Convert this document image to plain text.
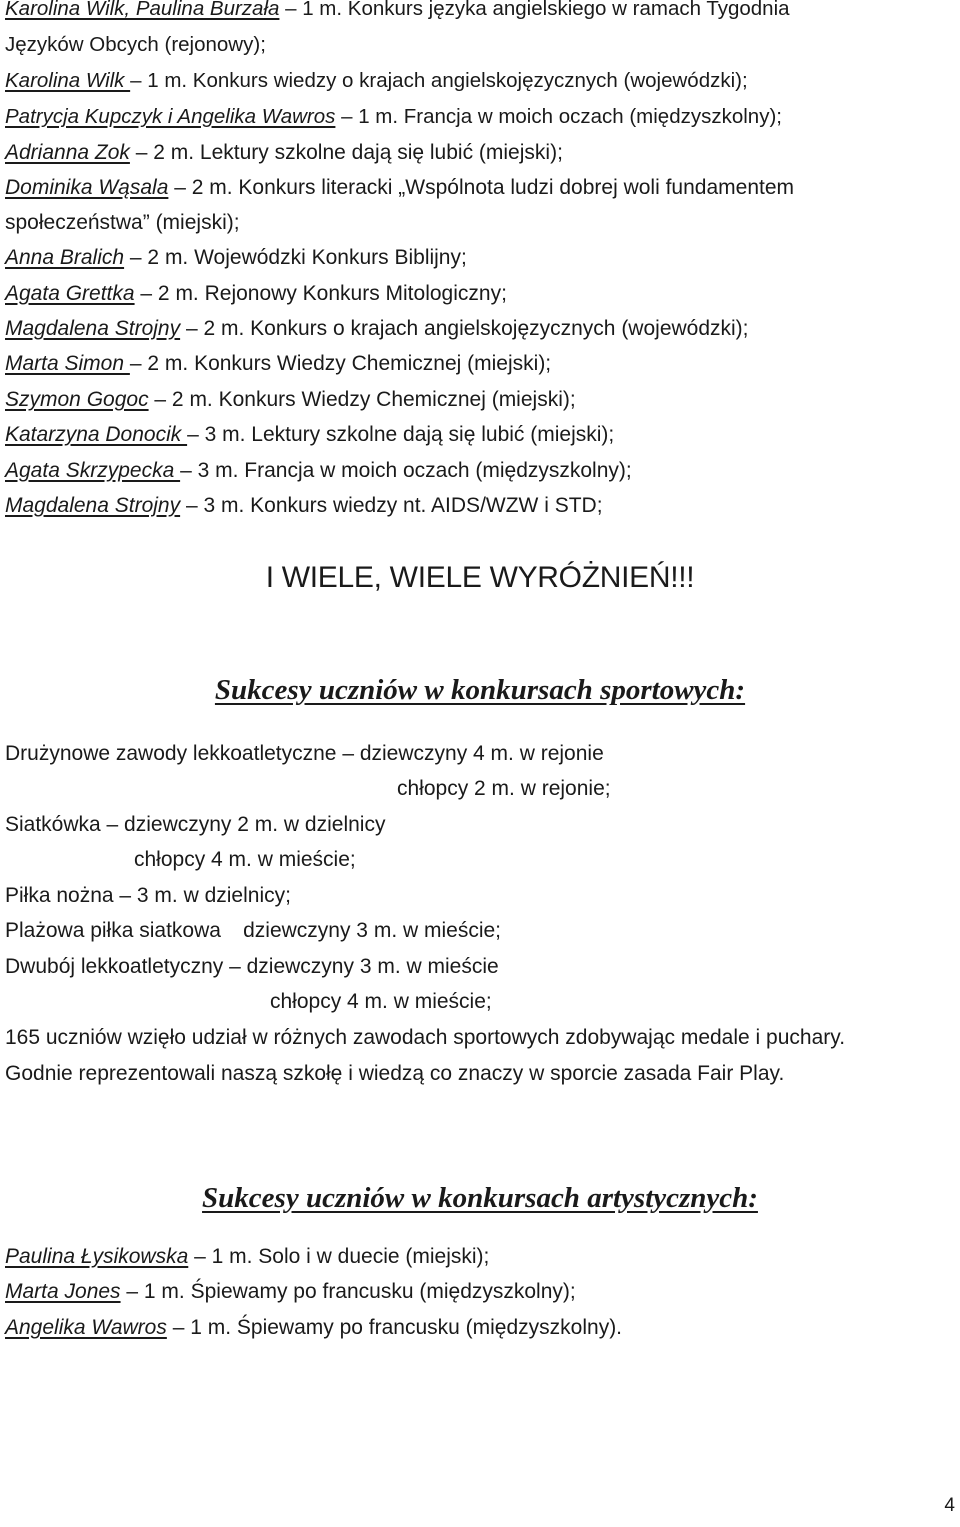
Karolina Wilk, Paulina Burzała – 1 m. Konkurs języka angielskiego w ramach Tygodnia
Języków Obcych (rejonowy);
Karolina Wilk – 1 m. Konkurs wiedzy o krajach angielskojęzycznych (wojewódzki);
Patrycja Kupczyk i Angelika Wawros – 1 m. Francja w moich oczach (międzyszkolny);
Adrianna Zok – 2 m. Lektury szkolne dają się lubić (miejski);
Dominika Wąsala – 2 m. Konkurs literacki „Wspólnota ludzi dobrej woli fundamentem
społeczeństwa” (miejski);
Anna Bralich – 2 m. Wojewódzki Konkurs Biblijny;
Agata Grettka – 2 m. Rejonowy Konkurs Mitologiczny;
Magdalena Strojny – 2 m. Konkurs o krajach angielskojęzycznych (wojewódzki);
Marta Simon – 2 m. Konkurs Wiedzy Chemicznej (miejski);
Szymon Gogoc – 2 m. Konkurs Wiedzy Chemicznej (miejski);
Katarzyna Donocik – 3 m. Lektury szkolne dają się lubić (miejski);
Agata Skrzypecka – 3 m. Francja w moich oczach (międzyszkolny);
Magdalena Strojny – 3 m. Konkurs wiedzy nt. AIDS/WZW i STD;
I WIELE, WIELE WYRÓŻNIEŃ!!!
Sukcesy uczniów w konkursach sportowych:
Drużynowe zawody lekkoatletyczne – dziewczyny 4 m. w rejonie
chłopcy 2 m. w rejonie;
Siatkówka – dziewczyny 2 m. w dzielnicy
chłopcy 4 m. w mieście;
Piłka nożna – 3 m. w dzielnicy;
Plażowa piłka siatkowa   dziewczyny 3 m. w mieście;
Dwubój lekkoatletyczny – dziewczyny 3 m. w mieście
chłopcy 4 m. w mieście;
165 uczniów wzięło udział w różnych zawodach sportowych zdobywając medale i puchary.
Godnie reprezentowali naszą szkołę i wiedzą co znaczy w sporcie zasada Fair Play.
Sukcesy uczniów w konkursach artystycznych:
Paulina Łysikowska – 1 m. Solo i w duecie (miejski);
Marta Jones – 1 m. Śpiewamy po francusku (międzyszkolny);
Angelika Wawros – 1 m. Śpiewamy po francusku (międzyszkolny).
4
